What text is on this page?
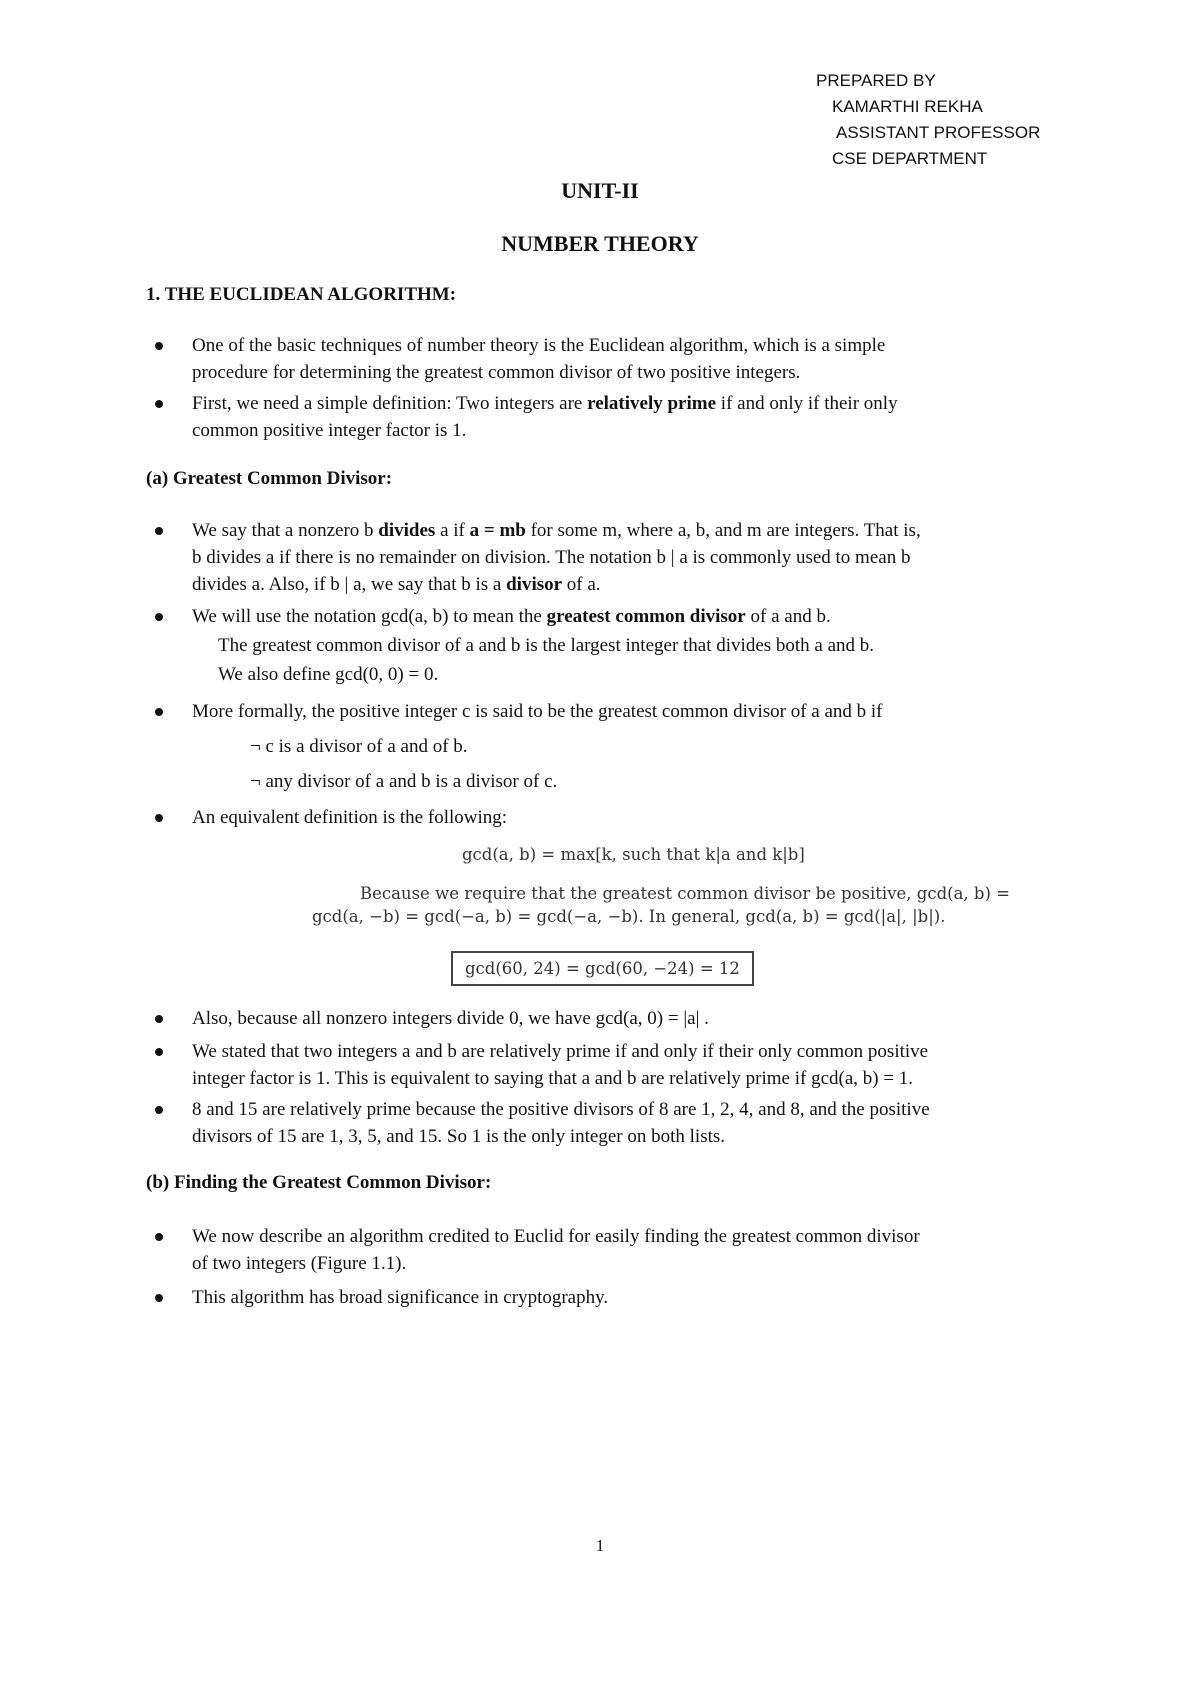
PREPARED BY
KAMARTHI REKHA
ASSISTANT PROFESSOR
CSE DEPARTMENT
UNIT-II
NUMBER THEORY
1. THE EUCLIDEAN ALGORITHM:
One of the basic techniques of number theory is the Euclidean algorithm, which is a simple
procedure for determining the greatest common divisor of two positive integers.
First, we need a simple definition: Two integers are relatively prime if and only if their only
common positive integer factor is 1.
(a) Greatest Common Divisor:
We say that a nonzero b divides a if a = mb for some m, where a, b, and m are integers. That is,
b divides a if there is no remainder on division. The notation b | a is commonly used to mean b
divides a. Also, if b | a, we say that b is a divisor of a.
We will use the notation gcd(a, b) to mean the greatest common divisor of a and b.
The greatest common divisor of a and b is the largest integer that divides both a and b.
We also define gcd(0, 0) = 0.
More formally, the positive integer c is said to be the greatest common divisor of a and b if
¬ c is a divisor of a and of b.
¬ any divisor of a and b is a divisor of c.
An equivalent definition is the following:
gcd(a, b) = max[k, such that k|a and k|b]
Because we require that the greatest common divisor be positive, gcd(a, b) =
gcd(a, −b) = gcd(−a, b) = gcd(−a, −b). In general, gcd(a, b) = gcd(|a|, |b|).
gcd(60, 24) = gcd(60, −24) = 12
Also, because all nonzero integers divide 0, we have gcd(a, 0) = |a| .
We stated that two integers a and b are relatively prime if and only if their only common positive
integer factor is 1. This is equivalent to saying that a and b are relatively prime if gcd(a, b) = 1.
8 and 15 are relatively prime because the positive divisors of 8 are 1, 2, 4, and 8, and the positive
divisors of 15 are 1, 3, 5, and 15. So 1 is the only integer on both lists.
(b) Finding the Greatest Common Divisor:
We now describe an algorithm credited to Euclid for easily finding the greatest common divisor
of two integers (Figure 1.1).
This algorithm has broad significance in cryptography.
1
